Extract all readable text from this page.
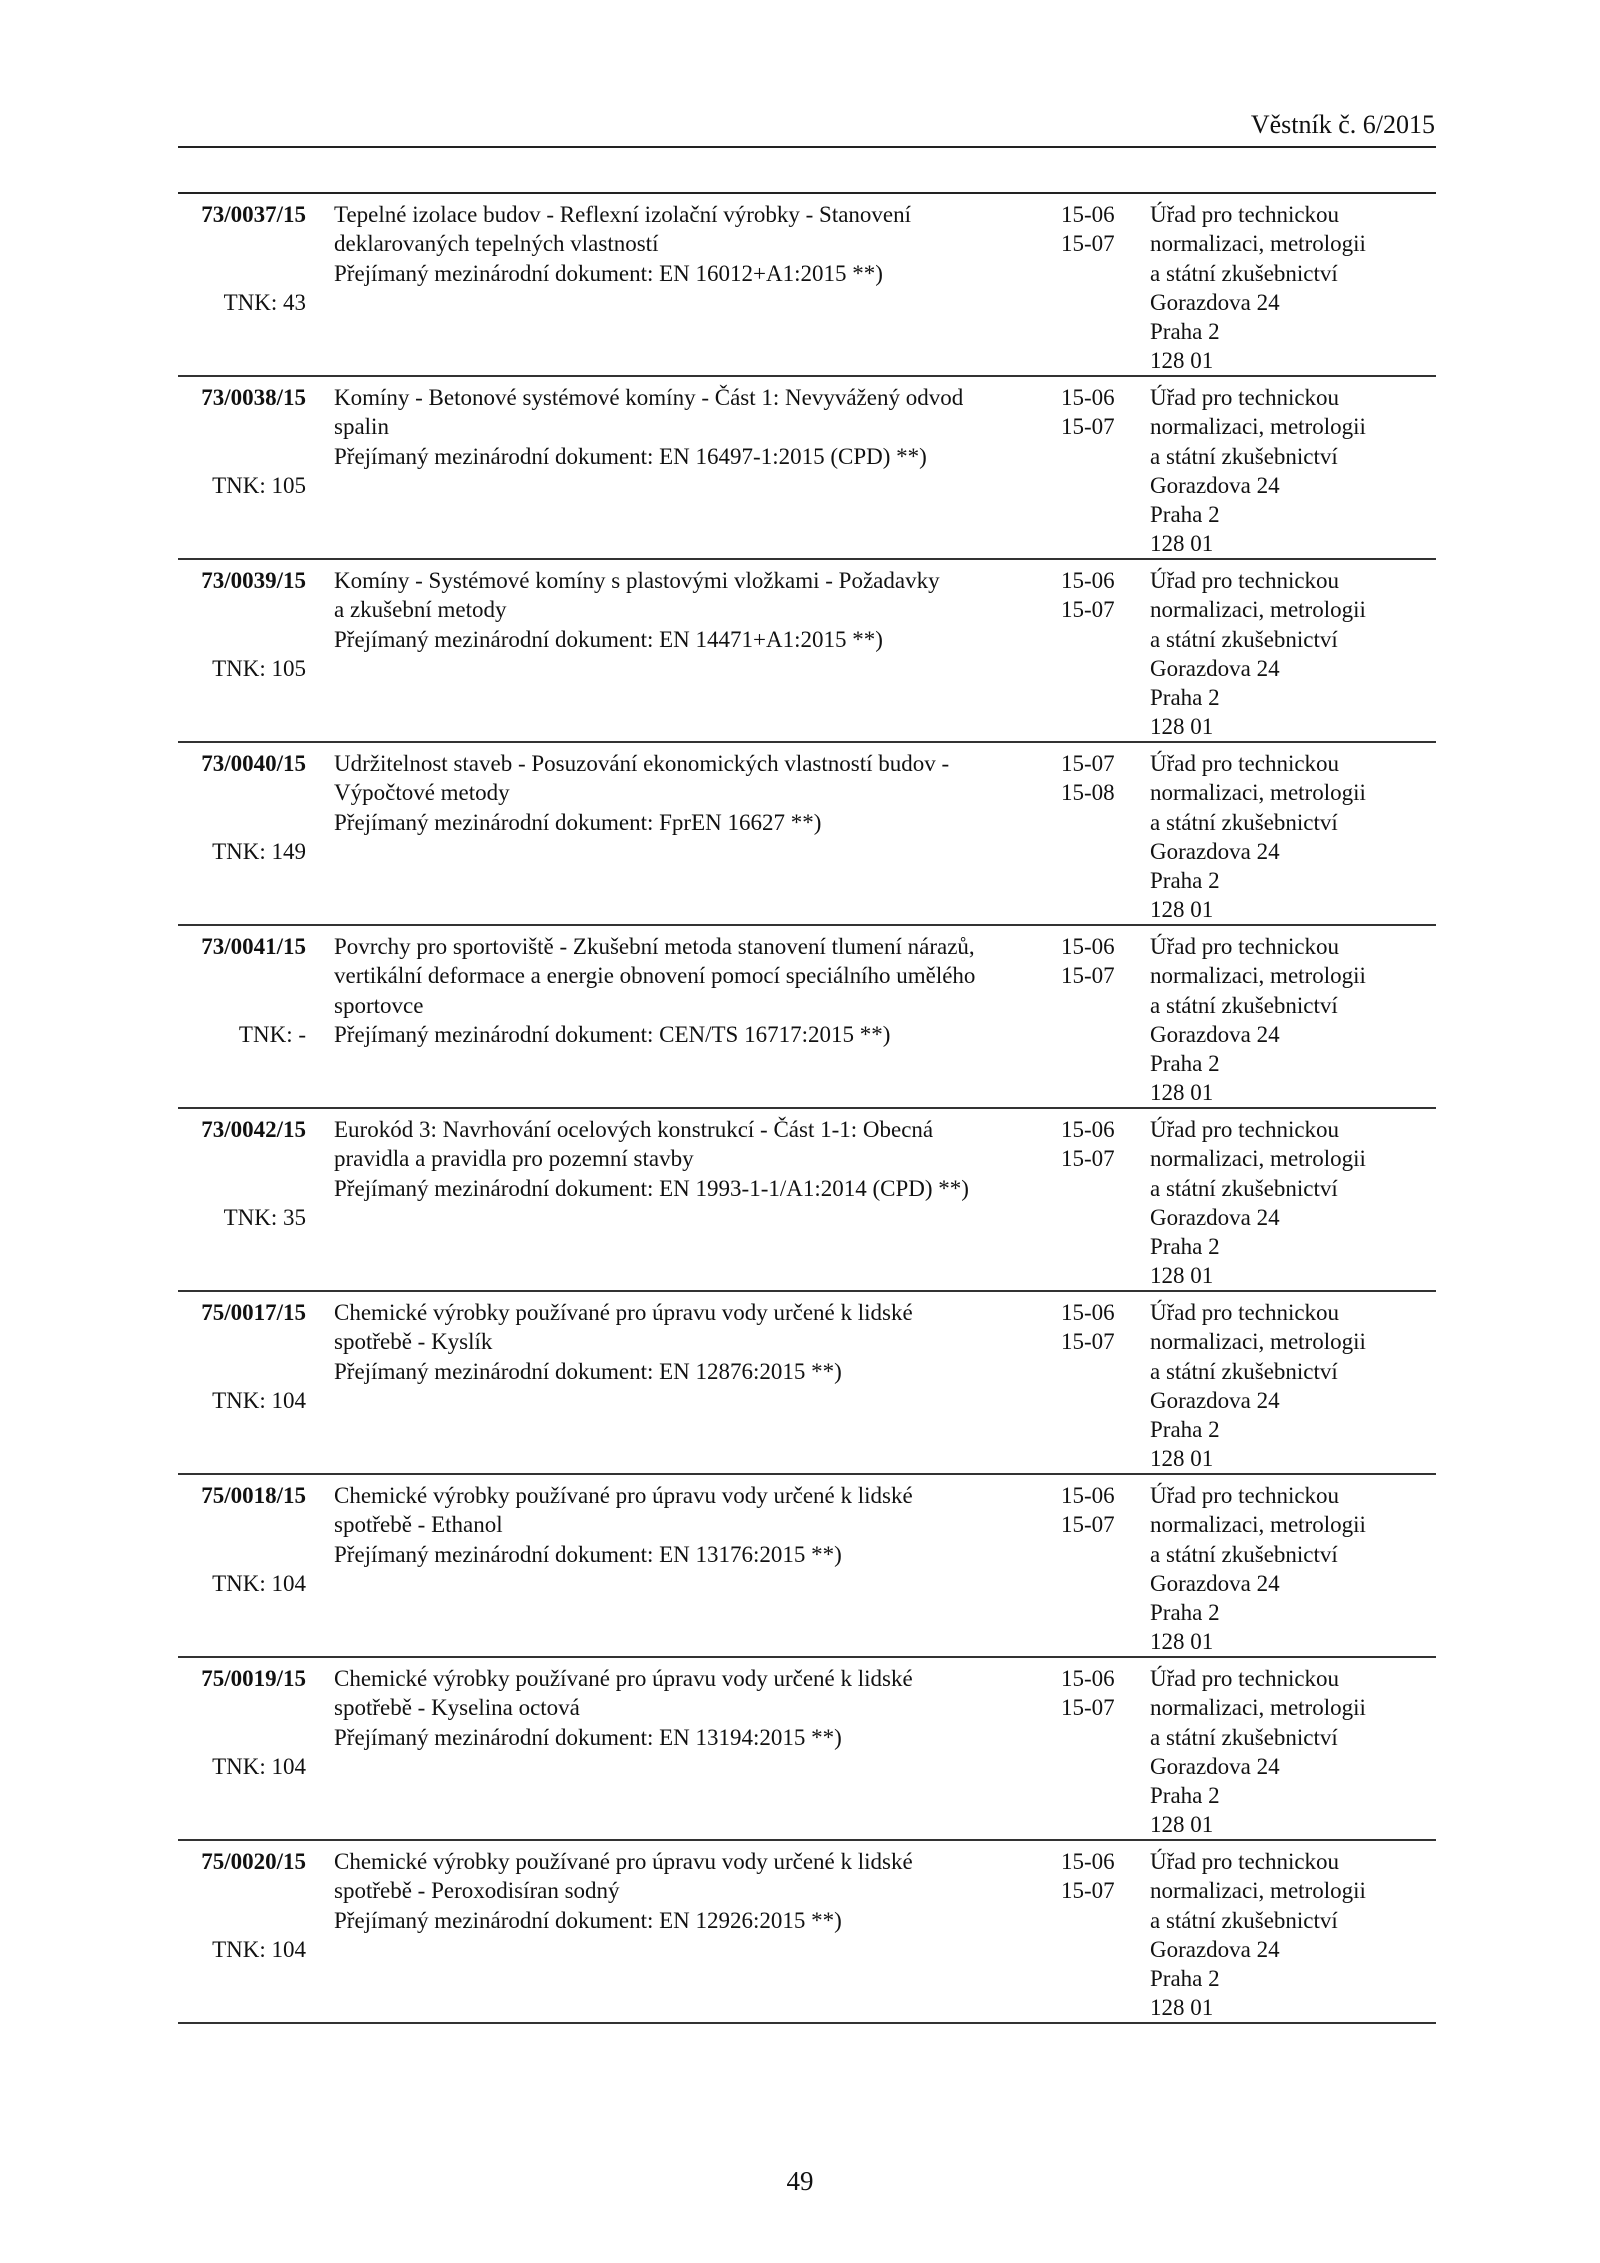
Věstník č. 6/2015
73/0037/15
TNK: 43
Tepelné izolace budov - Reflexní izolační výrobky - Stanovení
deklarovaných tepelných vlastností
Přejímaný mezinárodní dokument: EN 16012+A1:2015 **)
15-06
15-07
Úřad pro technickou
normalizaci, metrologii
a státní zkušebnictví
Gorazdova 24
Praha 2
128 01
73/0038/15
TNK: 105
Komíny - Betonové systémové komíny - Část 1: Nevyvážený odvod
spalin
Přejímaný mezinárodní dokument: EN 16497-1:2015 (CPD) **)
15-06
15-07
Úřad pro technickou
normalizaci, metrologii
a státní zkušebnictví
Gorazdova 24
Praha 2
128 01
73/0039/15
TNK: 105
Komíny - Systémové komíny s plastovými vložkami - Požadavky
a zkušební metody
Přejímaný mezinárodní dokument: EN 14471+A1:2015 **)
15-06
15-07
Úřad pro technickou
normalizaci, metrologii
a státní zkušebnictví
Gorazdova 24
Praha 2
128 01
73/0040/15
TNK: 149
Udržitelnost staveb - Posuzování ekonomických vlastností budov -
Výpočtové metody
Přejímaný mezinárodní dokument: FprEN 16627 **)
15-07
15-08
Úřad pro technickou
normalizaci, metrologii
a státní zkušebnictví
Gorazdova 24
Praha 2
128 01
73/0041/15
TNK: -
Povrchy pro sportoviště - Zkušební metoda stanovení tlumení nárazů,
vertikální deformace a energie obnovení pomocí speciálního umělého
sportovce
Přejímaný mezinárodní dokument: CEN/TS 16717:2015 **)
15-06
15-07
Úřad pro technickou
normalizaci, metrologii
a státní zkušebnictví
Gorazdova 24
Praha 2
128 01
73/0042/15
TNK: 35
Eurokód 3: Navrhování ocelových konstrukcí - Část 1-1: Obecná
pravidla a pravidla pro pozemní stavby
Přejímaný mezinárodní dokument: EN 1993-1-1/A1:2014 (CPD) **)
15-06
15-07
Úřad pro technickou
normalizaci, metrologii
a státní zkušebnictví
Gorazdova 24
Praha 2
128 01
75/0017/15
TNK: 104
Chemické výrobky používané pro úpravu vody určené k lidské
spotřebě - Kyslík
Přejímaný mezinárodní dokument: EN 12876:2015 **)
15-06
15-07
Úřad pro technickou
normalizaci, metrologii
a státní zkušebnictví
Gorazdova 24
Praha 2
128 01
75/0018/15
TNK: 104
Chemické výrobky používané pro úpravu vody určené k lidské
spotřebě - Ethanol
Přejímaný mezinárodní dokument: EN 13176:2015 **)
15-06
15-07
Úřad pro technickou
normalizaci, metrologii
a státní zkušebnictví
Gorazdova 24
Praha 2
128 01
75/0019/15
TNK: 104
Chemické výrobky používané pro úpravu vody určené k lidské
spotřebě - Kyselina octová
Přejímaný mezinárodní dokument: EN 13194:2015 **)
15-06
15-07
Úřad pro technickou
normalizaci, metrologii
a státní zkušebnictví
Gorazdova 24
Praha 2
128 01
75/0020/15
TNK: 104
Chemické výrobky používané pro úpravu vody určené k lidské
spotřebě - Peroxodisíran sodný
Přejímaný mezinárodní dokument: EN 12926:2015 **)
15-06
15-07
Úřad pro technickou
normalizaci, metrologii
a státní zkušebnictví
Gorazdova 24
Praha 2
128 01
49
